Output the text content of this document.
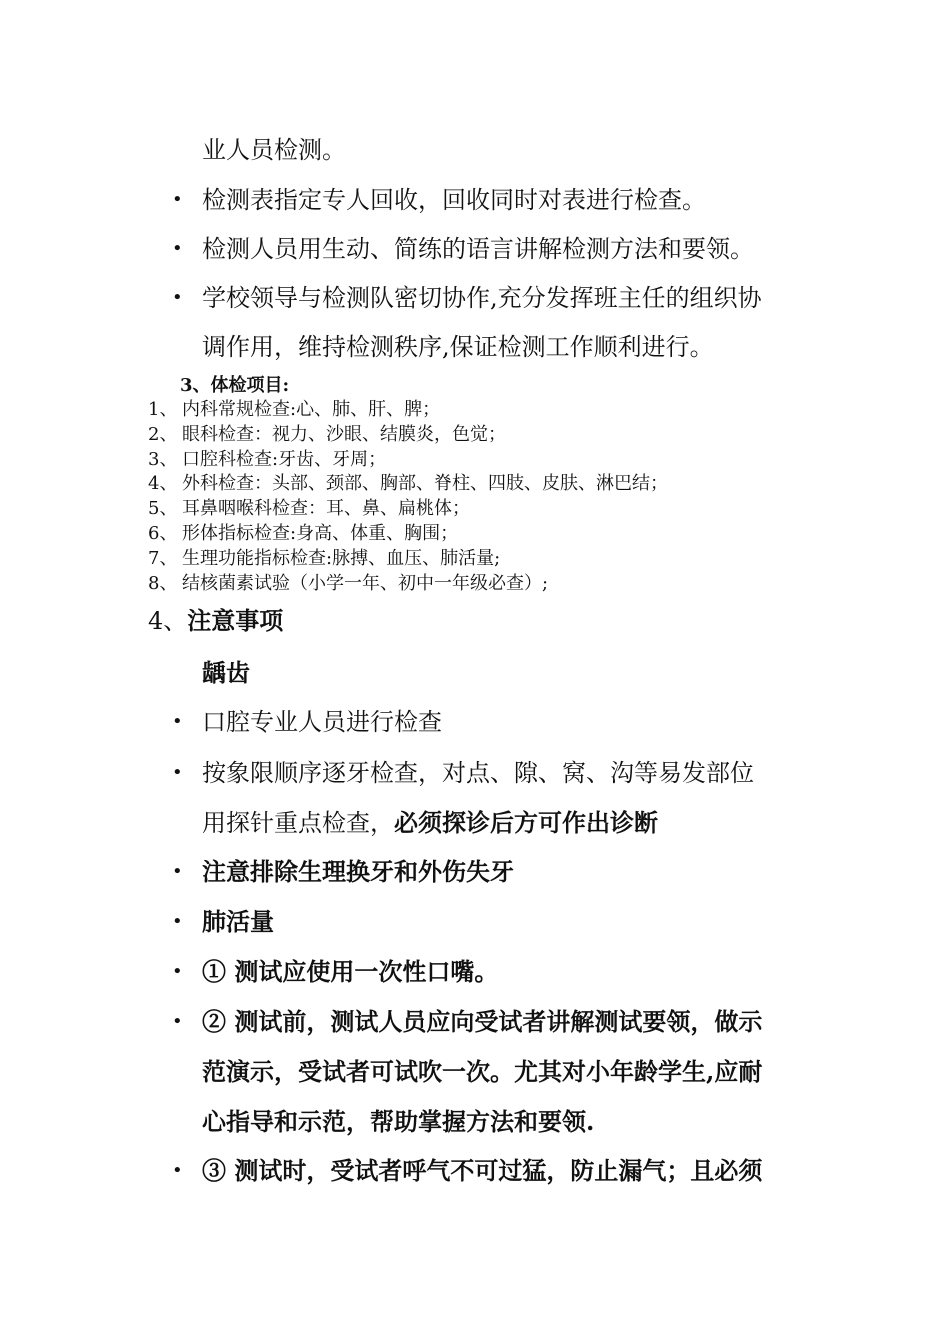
业人员检测。
• 检测表指定专人回收，回收同时对表进行检查。
• 检测人员用生动、简练的语言讲解检测方法和要领。
• 学校领导与检测队密切协作,充分发挥班主任的组织协
调作用，维持检测秩序,保证检测工作顺利进行。
3、体检项目:
1、 内科常规检查:心、肺、肝、脾；
2、 眼科检查：视力、沙眼、结膜炎，色觉；
3、 口腔科检查:牙齿、牙周；
4、 外科检查：头部、颈部、胸部、脊柱、四肢、皮肤、淋巴结；
5、 耳鼻咽喉科检查：耳、鼻、扁桃体；
6、 形体指标检查:身高、体重、胸围；
7、 生理功能指标检查:脉搏、血压、肺活量;
8、 结核菌素试验（小学一年、初中一年级必查）;
4、注意事项
龋齿
• 口腔专业人员进行检查
• 按象限顺序逐牙检查，对点、隙、窝、沟等易发部位
用探针重点检查，必须探诊后方可作出诊断
• 注意排除生理换牙和外伤失牙
• 肺活量
• ① 测试应使用一次性口嘴。
• ② 测试前，测试人员应向受试者讲解测试要领，做示
范演示，受试者可试吹一次。尤其对小年龄学生,应耐
心指导和示范，帮助掌握方法和要领.
• ③ 测试时，受试者呼气不可过猛，防止漏气；且必须
